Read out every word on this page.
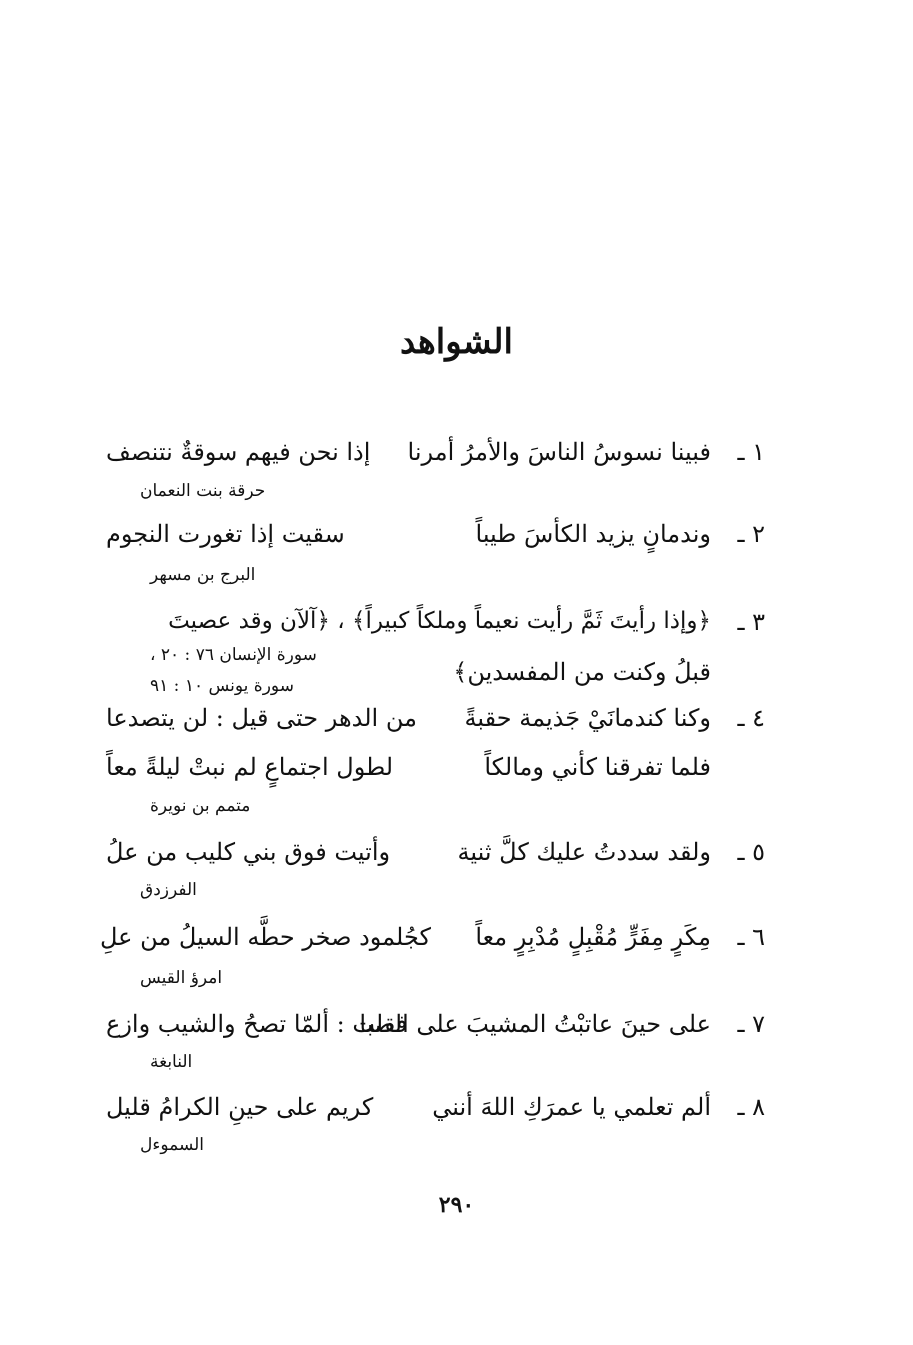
الشواهد
١ ـ
فبينا نسوسُ الناسَ والأمرُ أمرنا
إذا نحن فيهم سوقةٌ نتنصف
حرقة بنت النعمان
٢ ـ
وندمانٍ يزيد الكأسَ طيباً
سقيت إذا تغورت النجوم
البرج بن مسهر
٣ ـ
﴿وإذا رأيتَ ثَمَّ رأيت نعيماً وملكاً كبيراً﴾ ، ﴿آلآن وقد عصيتَ
قبلُ وكنت من المفسدين﴾
سورة الإنسان ٧٦ : ٢٠ ،
سورة يونس ١٠ : ٩١
٤ ـ
وكنا كندمانَيْ جَذيمة حقبةً
من الدهر حتى قيل : لن يتصدعا
فلما تفرقنا كأني ومالكاً
لطول اجتماعٍ لم نبتْ ليلةً معاً
متمم بن نويرة
٥ ـ
ولقد سددتُ عليك كلَّ ثنية
وأتيت فوق بني كليب من علُ
الفرزدق
٦ ـ
مِكَرٍ مِفَرٍّ مُقْبِلٍ مُدْبِرٍ معاً
كجُلمود صخر حطَّه السيلُ من علِ
امرؤ القيس
٧ ـ
على حينَ عاتبْتُ المشيبَ على الصبا
فقلت : ألمّا تصحُ والشيب وازع
النابغة
٨ ـ
ألم تعلمي يا عمرَكِ اللهَ أنني
كريم على حينِ الكرامُ قليل
السموءل
٢٩٠
